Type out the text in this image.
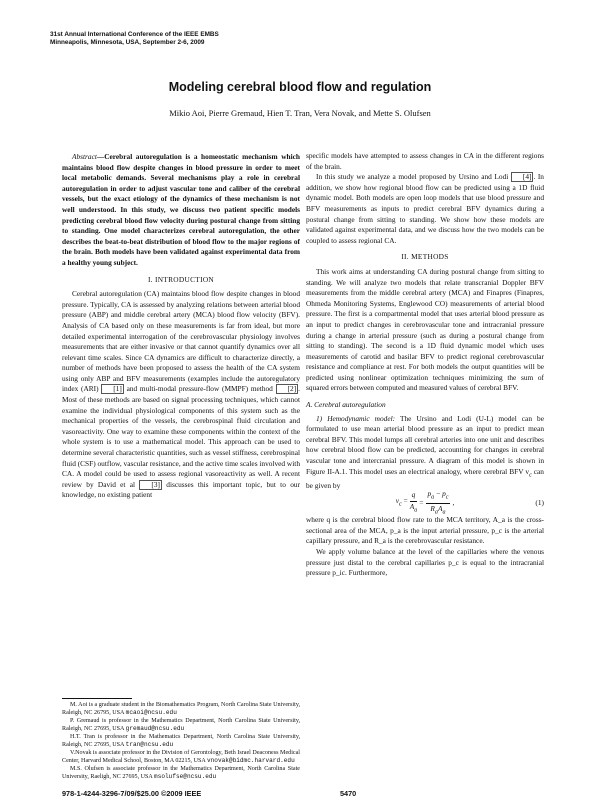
31st Annual International Conference of the IEEE EMBS
Minneapolis, Minnesota, USA, September 2-6, 2009
Modeling cerebral blood flow and regulation
Mikio Aoi, Pierre Gremaud, Hien T. Tran, Vera Novak, and Mette S. Olufsen

Abstract—Cerebral autoregulation is a homeostatic mechanism which maintains blood flow despite changes in blood pressure in order to meet local metabolic demands. Several mechanisms play a role in cerebral autoregulation in order to adjust vascular tone and caliber of the cerebral vessels, but the exact etiology of the dynamics of these mechanism is not well understood. In this study, we discuss two patient specific models predicting cerebral blood flow velocity during postural change from sitting to standing. One model characterizes cerebral autoregulation, the other describes the beat-to-beat distribution of blood flow to the major regions of the brain. Both models have been validated against experimental data from a healthy young subject.

I. INTRODUCTION

Cerebral autoregulation (CA) maintains blood flow despite changes in blood pressure. Typically, CA is assessed by analyzing relations between arterial blood pressure (ABP) and middle cerebral artery (MCA) blood flow velocity (BFV). Analysis of CA based only on these measurements is far from ideal, but more detailed experimental interrogation of the cerebrovascular physiology involves measurements that are either invasive or that cannot quantify dynamics over all relevant time scales. Since CA dynamics are difficult to characterize directly, a number of methods have been proposed to assess the health of the CA system using only ABP and BFV measurements (examples include the autoregulatory index (ARI) [1] and multi-modal pressure-flow (MMPF) method [2] . Most of these methods are based on signal processing techniques, which cannot examine the individual physiological components of this system such as the mechanical properties of the vessels, the cerebrospinal fluid circulation and vasoreactivity. One way to examine these components within the context of the whole system is to use a mathematical model. This approach can be used to determine several characteristic quantities, such as vessel stiffness, cerebrospinal fluid (CSF) outflow, vascular resistance, and the active time scales involved with CA. A model could be used to assess regional vasoreactivity as well. A recent review by David et al [3] discusses this important topic, but to our knowledge, no existing patient

M. Aoi is a graduate student in the Biomathematics Program, North Carolina State University, Raleigh, NC 26795, USA mcaoi@ncsu.edu

P. Gremaud is professor in the Mathematics Department, North Carolina State University, Raleigh, NC 27695, USA gremaud@ncsu.edu

H.T. Tran is professor in the Mathematics Department, North Carolina State University, Raleigh, NC 27695, USA tran@ncsu.edu

V.Novak is associate professor in the Division of Gerontology, Beth Israel Deaconess Medical Center, Harvard Medical School, Boston, MA 02215, USA vnovak@bidmc.harvard.edu

M.S. Olufsen is associate professor in the Mathematics Department, North Carolina State University, Raeligh, NC 27695, USA msolufse@ncsu.edu

specific models have attempted to assess changes in CA in the different regions of the brain.

In this study we analyze a model proposed by Ursino and Lodi [4] . In addition, we show how regional blood flow can be predicted using a 1D fluid dynamic model. Both models are open loop models that use blood pressure and BFV measurements as inputs to predict cerebral BFV dynamics during a postural change from sitting to standing. We show how these models are validated against experimental data, and we discuss how the two models can be coupled to assess regional CA.

II. METHODS

This work aims at understanding CA during postural change from sitting to standing. We will analyze two models that relate transcranial Doppler BFV measurements from the middle cerebral artery (MCA) and Finapres (Finapres, Ohmeda Monitoring Systems, Englewood CO) measurements of arterial blood pressure. The first is a compartmental model that uses arterial blood pressure as an input to predict changes in cerebrovascular tone and intracranial pressure during a change in arterial pressure (such as during a postural change from sitting to standing). The second is a 1D fluid dynamic model which uses measurements of carotid and basilar BFV to predict regional cerebrovascular resistance and compliance at rest. For both models the output quantities will be predicted using nonlinear optimization techniques minimizing the sum of squared errors between computed and measured values of cerebral BFV.

A. Cerebral autoregulation

1) Hemodynamic model: The Ursino and Lodi (U-L) model can be formulated to use mean arterial blood pressure as an input to predict mean cerebral BFV. This model lumps all cerebral arteries into one unit and describes how cerebral blood flow can be predicted, accounting for changes in cerebral vascular tone and intercranial pressure. A diagram of this model is shown in Figure II-A.1. This model uses an electrical analogy, where cerebral BFV $v_c$ can be given by

$v_c = \frac{q}{A_a} = \frac{p_a - p_c}{R_aA_a}$ ,	(1)

where q is the cerebral blood flow rate to the MCA territory, A_a is the cross-sectional area of the MCA, p_a is the input arterial pressure, p_c is the arterial capillary pressure, and R_a is the cerebrovascular resistance.

We apply volume balance at the level of the capillaries where the venous pressure just distal to the cerebral capillaries p_c is equal to the intracranial pressure p_ic. Furthermore,

978-1-4244-3296-7/09/$25.00 ©2009 IEEE	5470
